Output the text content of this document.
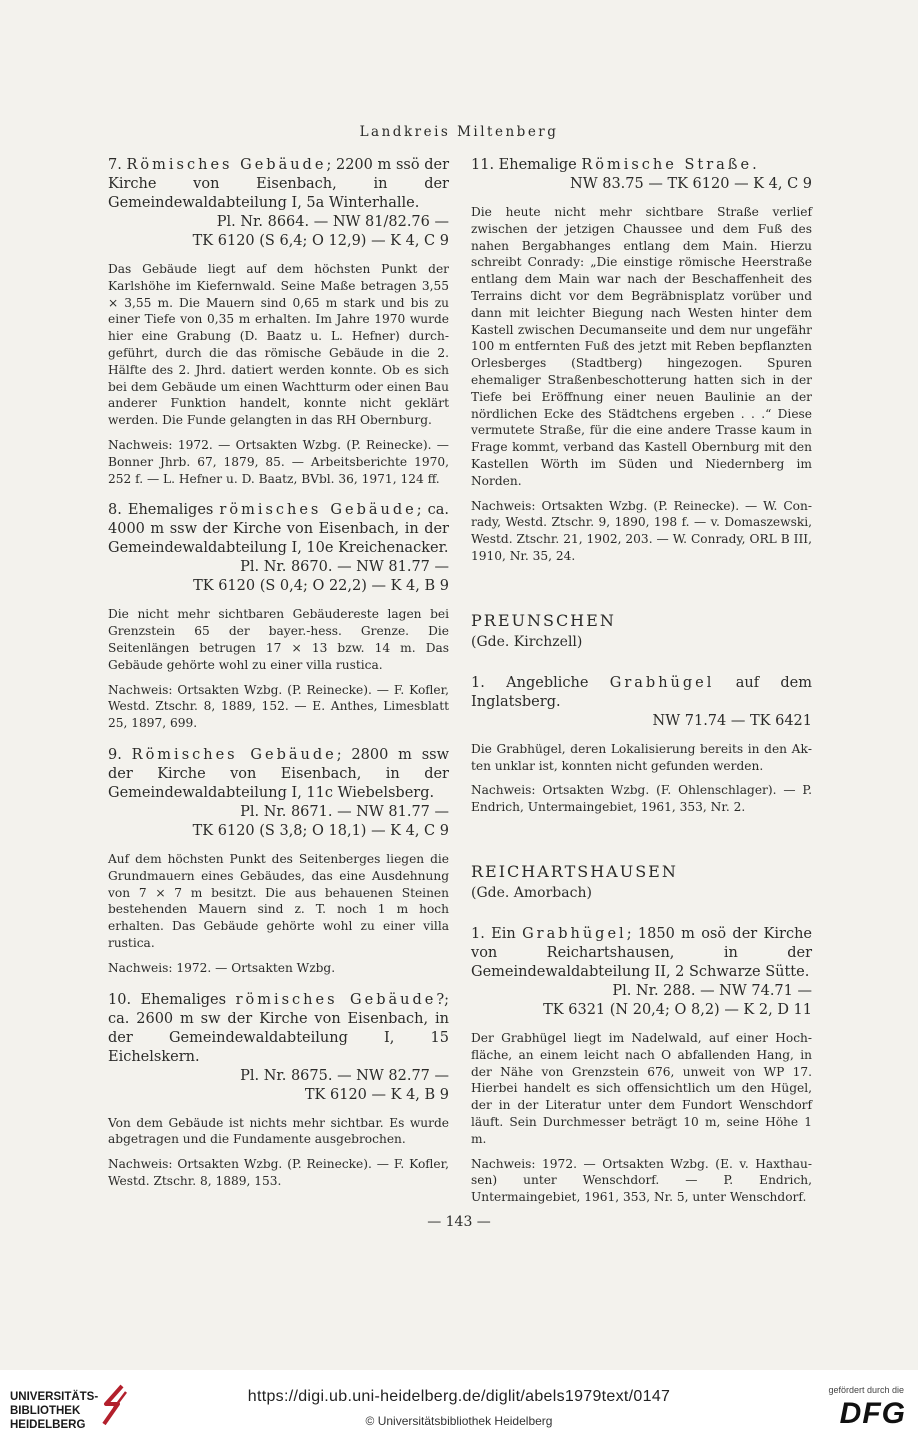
Landkreis Miltenberg

7. Römisches Gebäude; 2200 m ssö der Kirche von Eisenbach, in der Gemeindewaldabteilung I, 5a Winterhalle.

Pl. Nr. 8664. — NW 81/82.76 —

TK 6120 (S 6,4; O 12,9) — K 4, C 9

Das Gebäude liegt auf dem höchsten Punkt der Karlshöhe im Kiefernwald. Seine Maße betragen 3,55 × 3,55 m. Die Mauern sind 0,65 m stark und bis zu einer Tiefe von 0,35 m erhalten. Im Jahre 1970 wurde hier eine Grabung (D. Baatz u. L. Hefner) durchgeführt, durch die das römische Gebäude in die 2. Hälfte des 2. Jhrd. datiert werden konnte. Ob es sich bei dem Gebäude um einen Wachtturm oder einen Bau anderer Funktion handelt, konnte nicht geklärt werden. Die Funde gelangten in das RH Obernburg.

Nachweis: 1972. — Ortsakten Wzbg. (P. Reinecke). — Bonner Jhrb. 67, 1879, 85. — Arbeitsberichte 1970, 252 f. — L. Hefner u. D. Baatz, BVbl. 36, 1971, 124 ff.

8. Ehemaliges römisches Gebäude; ca. 4000 m ssw der Kirche von Eisenbach, in der Gemeindewaldabteilung I, 10e Kreichenacker.

Pl. Nr. 8670. — NW 81.77 —

TK 6120 (S 0,4; O 22,2) — K 4, B 9

Die nicht mehr sichtbaren Gebäudereste lagen bei Grenzstein 65 der bayer.-hess. Grenze. Die Seitenlängen betrugen 17 × 13 bzw. 14 m. Das Gebäude gehörte wohl zu einer villa rustica.

Nachweis: Ortsakten Wzbg. (P. Reinecke). — F. Kofler, Westd. Ztschr. 8, 1889, 152. — E. Anthes, Limesblatt 25, 1897, 699.

9. Römisches Gebäude; 2800 m ssw der Kirche von Eisenbach, in der Gemeindewaldabteilung I, 11c Wiebelsberg.

Pl. Nr. 8671. — NW 81.77 —

TK 6120 (S 3,8; O 18,1) — K 4, C 9

Auf dem höchsten Punkt des Seitenberges liegen die Grundmauern eines Gebäudes, das eine Ausdehnung von 7 × 7 m besitzt. Die aus behauenen Steinen bestehenden Mauern sind z. T. noch 1 m hoch erhalten. Das Gebäude gehörte wohl zu einer villa rustica.

Nachweis: 1972. — Ortsakten Wzbg.

10. Ehemaliges römisches Gebäude?; ca. 2600 m sw der Kirche von Eisenbach, in der Gemeindewaldabteilung I, 15 Eichelskern.

Pl. Nr. 8675. — NW 82.77 —

TK 6120 — K 4, B 9

Von dem Gebäude ist nichts mehr sichtbar. Es wurde abgetragen und die Fundamente ausgebrochen.

Nachweis: Ortsakten Wzbg. (P. Reinecke). — F. Kofler, Westd. Ztschr. 8, 1889, 153.

11. Ehemalige Römische Straße.

NW 83.75 — TK 6120 — K 4, C 9

Die heute nicht mehr sichtbare Straße verlief zwischen der jetzigen Chaussee und dem Fuß des nahen Bergabhanges entlang dem Main. Hierzu schreibt Conrady: „Die einstige römische Heerstraße entlang dem Main war nach der Beschaffenheit des Terrains dicht vor dem Begräbnisplatz vorüber und dann mit leichter Biegung nach Westen hinter dem Kastell zwischen Decumanseite und dem nur ungefähr 100 m entfernten Fuß des jetzt mit Reben bepflanzten Orlesberges (Stadtberg) hingezogen. Spuren ehemaliger Straßenbeschotterung hatten sich in der Tiefe bei Eröffnung einer neuen Baulinie an der nördlichen Ecke des Städtchens ergeben . . .“ Diese vermutete Straße, für die eine andere Trasse kaum in Frage kommt, verband das Kastell Obernburg mit den Kastellen Wörth im Süden und Niedernberg im Norden.

Nachweis: Ortsakten Wzbg. (P. Reinecke). — W. Conrady, Westd. Ztschr. 9, 1890, 198 f. — v. Domaszewski, Westd. Ztschr. 21, 1902, 203. — W. Conrady, ORL B III, 1910, Nr. 35, 24.

PREUNSCHEN

(Gde. Kirchzell)

1. Angebliche Grabhügel auf dem Inglatsberg.

NW 71.74 — TK 6421

Die Grabhügel, deren Lokalisierung bereits in den Akten unklar ist, konnten nicht gefunden werden.

Nachweis: Ortsakten Wzbg. (F. Ohlenschlager). — P. Endrich, Untermaingebiet, 1961, 353, Nr. 2.

REICHARTSHAUSEN

(Gde. Amorbach)

1. Ein Grabhügel; 1850 m osö der Kirche von Reichartshausen, in der Gemeindewaldabteilung II, 2 Schwarze Sütte.

Pl. Nr. 288. — NW 74.71 —

TK 6321 (N 20,4; O 8,2) — K 2, D 11

Der Grabhügel liegt im Nadelwald, auf einer Hochfläche, an einem leicht nach O abfallenden Hang, in der Nähe von Grenzstein 676, unweit von WP 17. Hierbei handelt es sich offensichtlich um den Hügel, der in der Literatur unter dem Fundort Wenschdorf läuft. Sein Durchmesser beträgt 10 m, seine Höhe 1 m.

Nachweis: 1972. — Ortsakten Wzbg. (E. v. Haxthausen) unter Wenschdorf. — P. Endrich, Untermaingebiet, 1961, 353, Nr. 5, unter Wenschdorf.

— 143 —
UNIVERSITÄTS-
BIBLIOTHEK
HEIDELBERG
https://digi.ub.uni-heidelberg.de/diglit/abels1979text/0147
© Universitätsbibliothek Heidelberg
gefördert durch die
DFG
